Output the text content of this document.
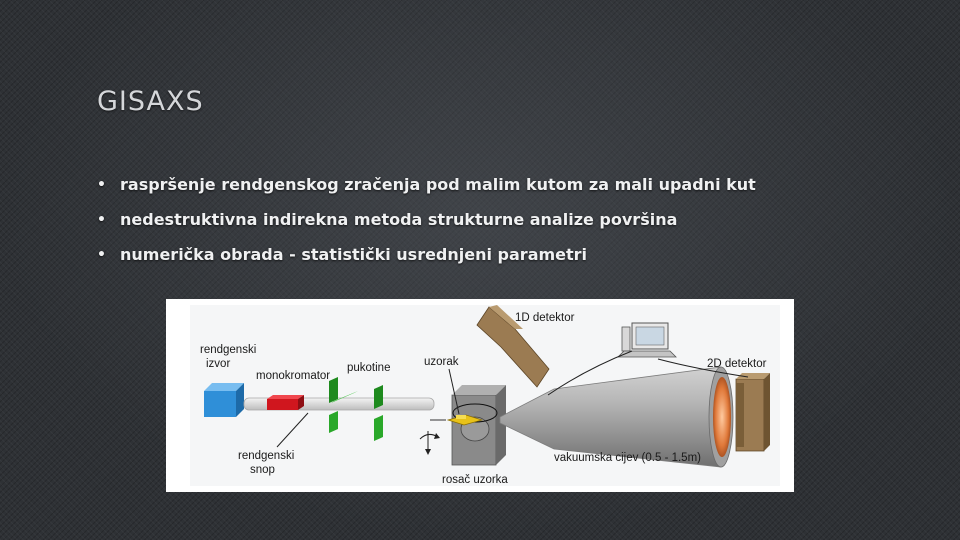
GISAXS
• raspršenje rendgenskog zračenja pod malim kutom za mali upadni kut
• nedestruktivna indirekna metoda strukturne analize površina
• numerička obrada - statistički usrednjeni parametri
rendgenski
izvor
monokromator
pukotine
rendgenski
snop
uzorak
rosač uzorka
vakuumska cijev (0.5 - 1.5m)
2D detektor
1D detektor
